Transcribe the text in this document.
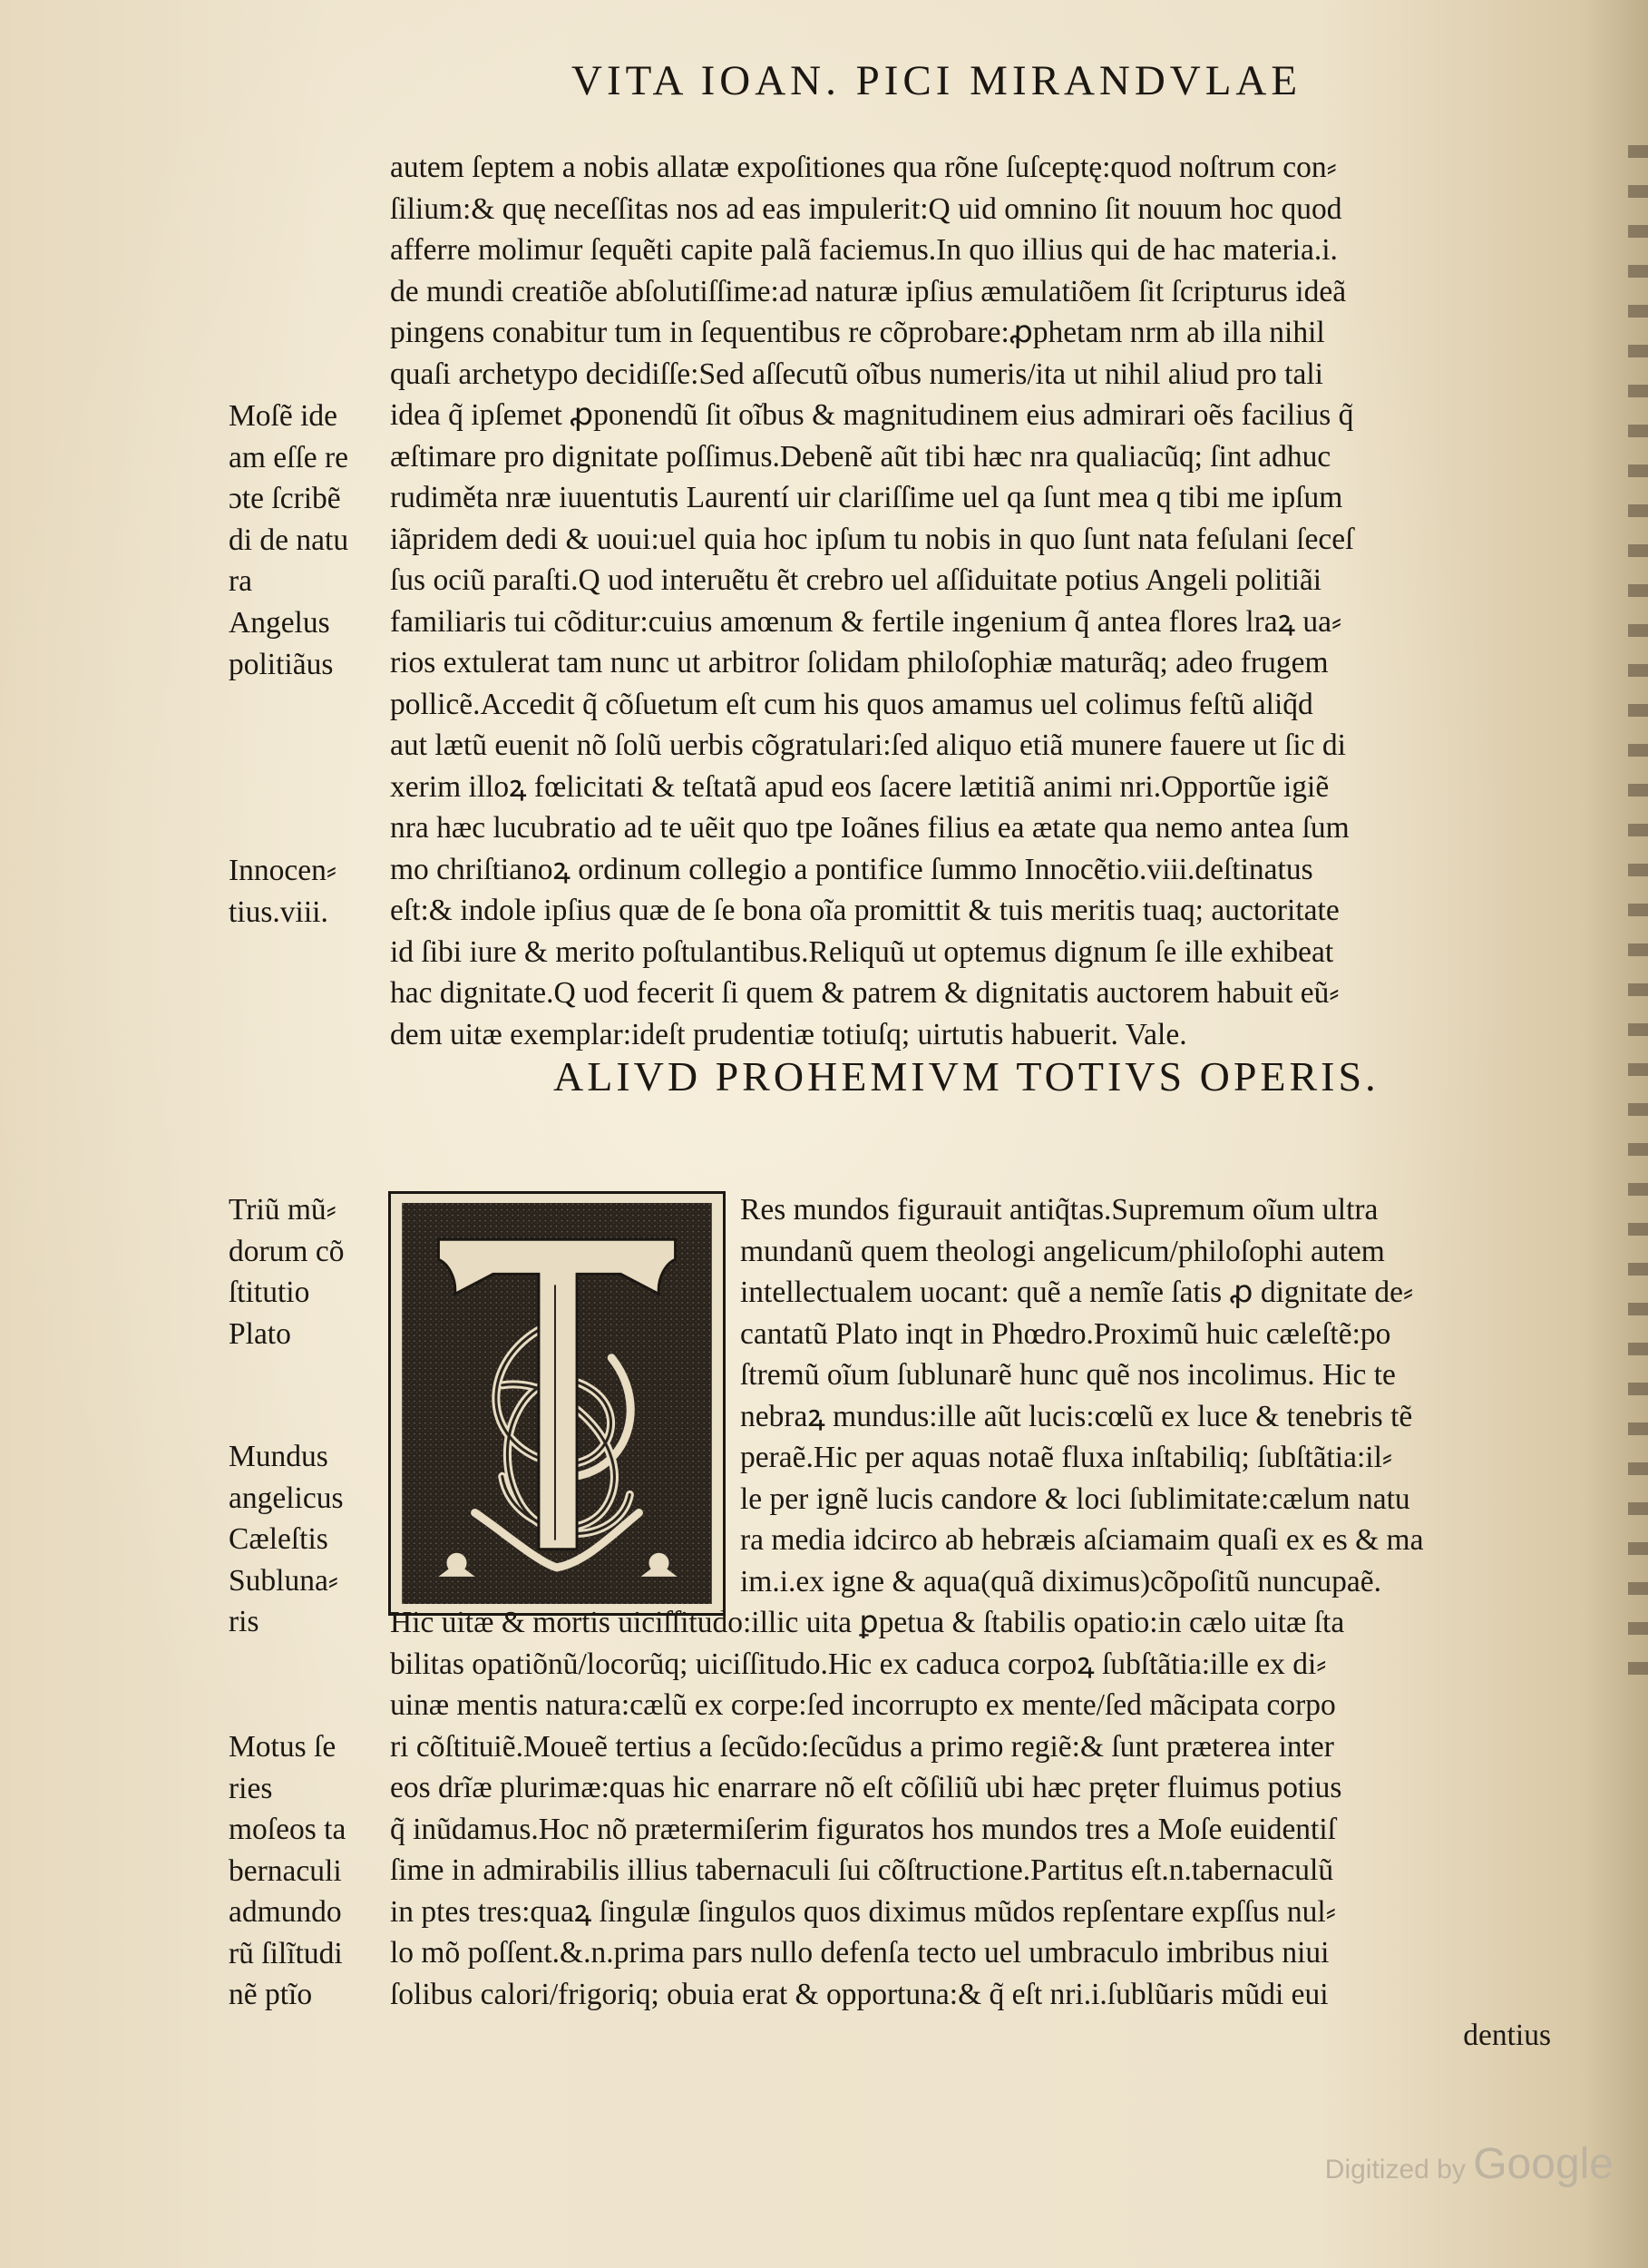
VITA IOAN. PICI MIRANDVLAE
autem ſeptem a nobis allatæ expoſitiones qua rõne ſuſceptę:quod noſtrum con⸗
ſilium:& quę neceſſitas nos ad eas impulerit:Q uid omnino ſit nouum hoc quod
afferre molimur ſequẽti capite palã faciemus.In quo illius qui de hac materia.i.
de mundi creatiõe abſolutiſſime:ad naturæ ipſius æmulatiõem ſit ſcripturus ideã
pingens conabitur tum in ſequentibus re cõprobare:ꝓphetam nrm ab illa nihil
quaſi archetypo decidiſſe:Sed aſſecutũ oĩbus numeris/ita ut nihil aliud pro tali
idea q̃ ipſemet ꝓponendũ ſit oĩbus & magnitudinem eius admirari oẽs facilius q̃
æſtimare pro dignitate poſſimus.Debenẽ aũt tibi hæc nra qualiacũq; ſint adhuc
rudiměta nræ iuuentutis Laurentí uir clariſſime uel qa ſunt mea q tibi me ipſum
iãpridem dedi & uoui:uel quia hoc ipſum tu nobis in quo ſunt nata feſulani ſeceſ
ſus ociũ paraſti.Q uod interuẽtu ẽt crebro uel aſſiduitate potius Angeli politiãi
familiaris tui cõditur:cuius amœnum & fertile ingenium q̃ antea flores lraꝝ ua⸗
rios extulerat tam nunc ut arbitror ſolidam philoſophiæ maturãq; adeo frugem
pollicẽ.Accedit q̃ cõſuetum eſt cum his quos amamus uel colimus feſtũ aliq̃d
aut lætũ euenit nõ ſolũ uerbis cõgratulari:ſed aliquo etiã munere fauere ut ſic di
xerim illoꝝ fœlicitati & teſtatã apud eos ſacere lætitiã animi nri.Opportũe igiẽ
nra hæc lucubratio ad te uẽit quo tpe Ioãnes filius ea ætate qua nemo antea ſum
mo chriſtianoꝝ ordinum collegio a pontifice ſummo Innocẽtio.viii.deſtinatus
eſt:& indole ipſius quæ de ſe bona oĩa promittit & tuis meritis tuaq; auctoritate
id ſibi iure & merito poſtulantibus.Reliquũ ut optemus dignum ſe ille exhibeat
hac dignitate.Q uod fecerit ſi quem & patrem & dignitatis auctorem habuit eũ⸗
dem uitæ exemplar:ideſt prudentiæ totiuſq; uirtutis habuerit. Vale.
Moſẽ ide
am eſſe re
ɔte ſcribẽ
di de natu
ra
Angelus
politiãus
Innocen⸗
tius.viii.
ALIVD PROHEMIVM TOTIVS OPERIS.
Res mundos figurauit antiq̃tas.Supremum oĩum ultra
mundanũ quem theologi angelicum/philoſophi autem
intellectualem uocant: quẽ a nemĩe ſatis ꝓ dignitate de⸗
cantatũ Plato inqt in Phœdro.Proximũ huic cæleſtẽ:po
ſtremũ oĩum ſublunarẽ hunc quẽ nos incolimus. Hic te
nebraꝝ mundus:ille aũt lucis:cœlũ ex luce & tenebris tẽ
peraẽ.Hic per aquas notaẽ fluxa inſtabiliq; ſubſtãtia:il⸗
le per ignẽ lucis candore & loci ſublimitate:cælum natu
ra media idcirco ab hebræis aſciamaim quaſi ex es & ma
im.i.ex igne & aqua(quã diximus)cõpoſitũ nuncupaẽ.
Triũ mũ⸗
dorum cõ
ſtitutio
Plato
Mundus
angelicus
Cæleſtis
Subluna⸗
ris
Motus ſe
ries
moſeos ta
bernaculi
admundo
rũ ſilĩtudi
nẽ ptĩo
Hic uitæ & mortis uiciſſitudo:illic uita ꝑpetua & ſtabilis opatio:in cælo uitæ ſta
bilitas opatiõnũ/locorũq; uiciſſitudo.Hic ex caduca corpoꝝ ſubſtãtia:ille ex di⸗
uinæ mentis natura:cælũ ex corpe:ſed incorrupto ex mente/ſed mãcipata corpo
ri cõſtituiẽ.Moueẽ tertius a ſecũdo:ſecũdus a primo regiẽ:& ſunt præterea inter
eos drĩæ plurimæ:quas hic enarrare nõ eſt cõſiliũ ubi hæc pręter fluimus potius
q̃ inũdamus.Hoc nõ prætermiſerim figuratos hos mundos tres a Moſe euidentiſ
ſime in admirabilis illius tabernaculi ſui cõſtructione.Partitus eſt.n.tabernaculũ
in ptes tres:quaꝝ ſingulæ ſingulos quos diximus mũdos repſentare expſſus nul⸗
lo mõ poſſent.&.n.prima pars nullo defenſa tecto uel umbraculo imbribus niui
ſolibus calori/frigoriq; obuia erat & opportuna:& q̃ eſt nri.i.ſublũaris mũdi eui
dentius
Digitized by Google
